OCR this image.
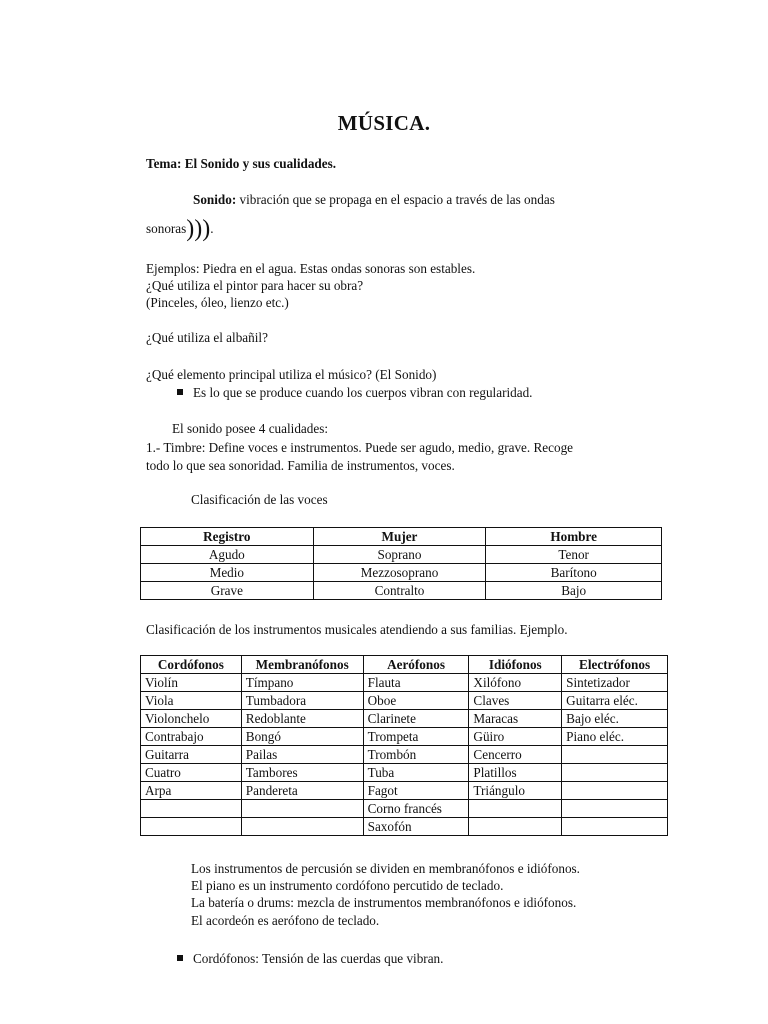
MÚSICA.
Tema: El Sonido y sus cualidades.
Sonido: vibración que se propaga en el espacio a través de las ondas
sonoras))).
Ejemplos: Piedra en el agua. Estas ondas sonoras son estables.
¿Qué utiliza el pintor para hacer su obra?
(Pinceles, óleo, lienzo etc.)
¿Qué utiliza el albañil?
¿Qué elemento principal utiliza el músico? (El Sonido)
Es lo que se produce cuando los cuerpos vibran con regularidad.
El sonido posee 4 cualidades:
1.- Timbre: Define voces e instrumentos. Puede ser agudo, medio, grave. Recoge
todo lo que sea sonoridad. Familia de instrumentos, voces.
Clasificación de las voces
Registro	Mujer	Hombre
Agudo	Soprano	Tenor
Medio	Mezzosoprano	Barítono
Grave	Contralto	Bajo
Clasificación de los instrumentos musicales atendiendo a sus familias. Ejemplo.
Cordófonos	Membranófonos	Aerófonos	Idiófonos	Electrófonos
Violín	Tímpano	Flauta	Xilófono	Sintetizador
Viola	Tumbadora	Oboe	Claves	Guitarra eléc.
Violonchelo	Redoblante	Clarinete	Maracas	Bajo eléc.
Contrabajo	Bongó	Trompeta	Güiro	Piano eléc.
Guitarra	Pailas	Trombón	Cencerro	
Cuatro	Tambores	Tuba	Platillos	
Arpa	Pandereta	Fagot	Triángulo	
		Corno francés		
		Saxofón		
Los instrumentos de percusión se dividen en membranófonos e idiófonos.
El piano es un instrumento cordófono percutido de teclado.
La batería o drums: mezcla de instrumentos membranófonos e idiófonos.
El acordeón es aerófono de teclado.
Cordófonos: Tensión de las cuerdas que vibran.
